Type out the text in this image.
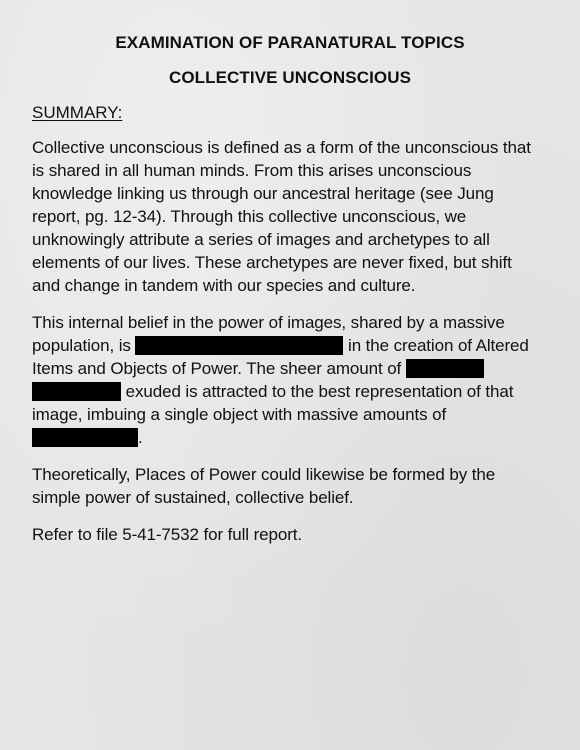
EXAMINATION OF PARANATURAL TOPICS
COLLECTIVE UNCONSCIOUS
SUMMARY:

Collective unconscious is defined as a form of the unconscious that
is shared in all human minds. From this arises unconscious
knowledge linking us through our ancestral heritage (see Jung
report, pg. 12-34). Through this collective unconscious, we
unknowingly attribute a series of images and archetypes to all
elements of our lives. These archetypes are never fixed, but shift
and change in tandem with our species and culture.

This internal belief in the power of images, shared by a massive
population, is	in the creation of Altered
Items and Objects of Power. The sheer amount of
exuded is attracted to the best representation of that
image, imbuing a single object with massive amounts of
.

Theoretically, Places of Power could likewise be formed by the
simple power of sustained, collective belief.

Refer to file 5-41-7532 for full report.
